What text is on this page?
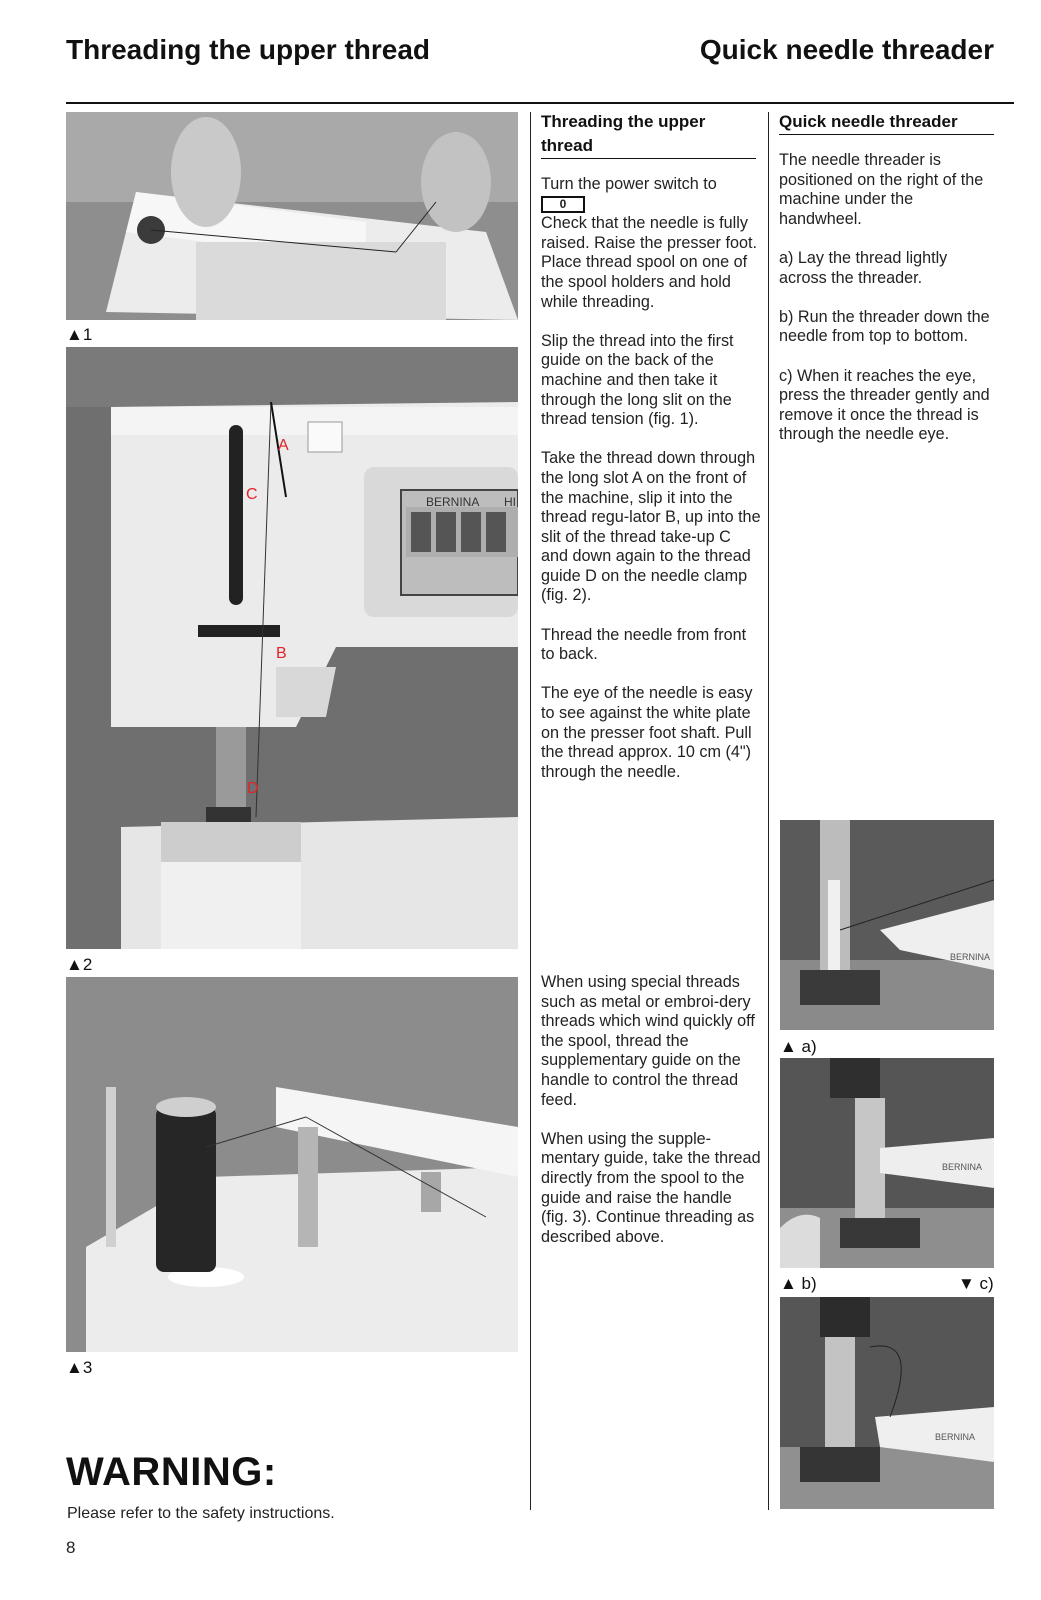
Threading the upper thread	Quick needle threader
▲1
BERNINA HI
A
C
B
D
▲2
▲3
Threading the upper thread

Turn the power switch to
0
Check that the needle is fully raised. Raise the presser foot. Place thread spool on one of the spool holders and hold while threading.

Slip the thread into the first guide on the back of the machine and then take it through the long slit on the thread tension (fig. 1).

Take the thread down through the long slot A on the front of the machine, slip it into the thread regu-lator B, up into the slit of the thread take-up C and down again to the thread guide D on the needle clamp (fig. 2).

Thread the needle from front to back.

The eye of the needle is easy to see against the white plate on the presser foot shaft. Pull the thread approx. 10 cm (4") through the needle.

When using special threads such as metal or embroi-dery threads which wind quickly off the spool, thread the supplementary guide on the handle to control the thread feed.

When using the supple-mentary guide, take the thread directly from the spool to the guide and raise the handle (fig. 3). Continue threading as described above.

Quick needle threader

The needle threader is positioned on the right of the machine under the handwheel.

a) Lay the thread lightly across the threader.

b) Run the threader down the needle from top to bottom.

c) When it reaches the eye, press the threader gently and remove it once the thread is through the needle eye.

BERNINA
▲ a)
BERNINA
▲ b)	▼ c)
BERNINA
WARNING:
Please refer to the safety instructions.
8
